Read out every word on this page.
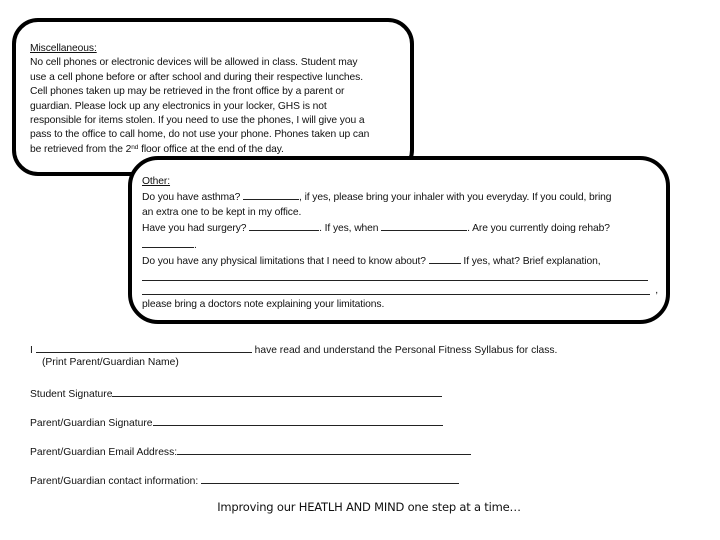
Miscellaneous:
No cell phones or electronic devices will be allowed in class. Student may
use a cell phone before or after school and during their respective lunches.
Cell phones taken up may be retrieved in the front office by a parent or
guardian. Please lock up any electronics in your locker, GHS is not
responsible for items stolen. If you need to use the phones, I will give you a
pass to the office to call home, do not use your phone. Phones taken up can
be retrieved from the 2nd floor office at the end of the day.
Other:
Do you have asthma?	, if yes, please bring your inhaler with you everyday. If you could, bring
an extra one to be kept in my office.
Have you had surgery?	. If yes, when	. Are you currently doing rehab?
.
Do you have any physical limitations that I need to know about?	If yes, what? Brief explanation,
,
please bring a doctors note explaining your limitations.
I	have read and understand the Personal Fitness Syllabus for class.
(Print Parent/Guardian Name)
Student Signature
Parent/Guardian Signature
Parent/Guardian Email Address:
Parent/Guardian contact information:
Improving our HEATLH AND MIND one step at a time…
